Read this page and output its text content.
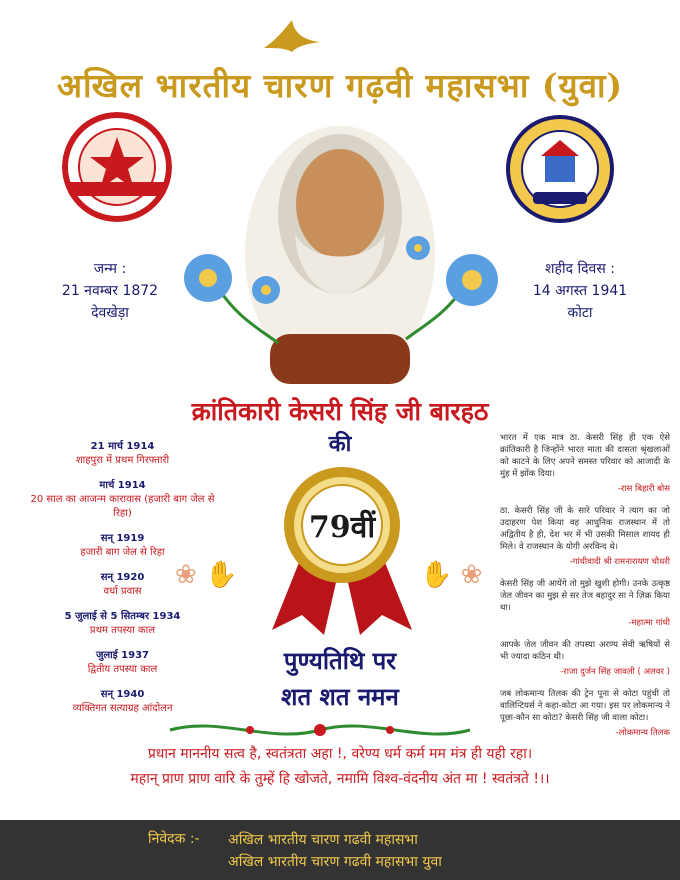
अखिल भारतीय चारण गढ़वी महासभा (युवा)
जन्म :
21 नवम्बर 1872
देवखेड़ा
शहीद दिवस :
14 अगस्त 1941
कोटा
क्रांतिकारी केसरी सिंह जी बारहठ
की
21 मार्च 1914
शाहपुरा में प्रथम गिरफ्तारी
मार्च 1914
20 साल का आजन्म कारावास (हजारी बाग जेल से रिहा)
सन् 1919
हजारी बाग जेल से रिहा
सन् 1920
वर्धा प्रवास
5 जुलाई से 5 सितम्बर 1934
प्रथम तपस्या काल
जुलाई 1937
द्वितीय तपस्या काल
सन् 1940
व्यक्तिगत सत्याग्रह आंदोलन
79वीं
❀ ✋	✋ ❀
पुण्यतिथि पर
शत शत नमन
भारत में एक मात्र ठा. केसरी सिंह ही एक ऐसे क्रांतिकारी है जिन्होंने भारत माता की दासता श्रृंखलाओं को काटने के लिए अपने समस्त परिवार को आजादी के मुंह में झोंक दिया।
-रास बिहारी बोस
ठा. केसरी सिंह जी के सारे परिवार ने त्याग का जो उदाहरण पेश किया वह आधुनिक राजस्थान में तो अद्वितीय है ही, देश भर में भी उसकी मिसाल शायद ही मिले। वे राजस्थान के योगी अरविन्द थे।
-गांधीवादी श्री रामनारायण चौधरी
केसरी सिंह जी आयेंगे तो मुझे खुशी होगी। उनके उत्कृष्ठ जेल जीवन का मुझ से सर तेज बहादुर सा ने ज़िक्र किया था।
-महात्मा गांधी
आपके जेल जीवन की तपस्या अरण्य सेवी ऋषियों से भी ज्यादा कठिन थी।
-राजा दुर्जन सिंह जावली ( अलवर )
जब लोकमान्य तिलक की ट्रेन पूना से कोटा पहुंची तो वालिन्टियर्स ने कहा-कोटा आ गया। इस पर लोकमान्य ने पूछा-कौन सा कोटा? केसरी सिंह जी वाला कोटा।
-लोकमान्य तिलक
प्रधान माननीय सत्व है, स्वतंत्रता अहा !, वरेण्य धर्म कर्म मम मंत्र ही यही रहा।
महान् प्राण प्राण वारि के तुम्हें हि खोजते, नमामि विश्व-वंदनीय अंत मा ! स्वतंत्रते !।।
निवेदक :- अखिल भारतीय चारण गढवी महासभा
अखिल भारतीय चारण गढवी महासभा युवा
